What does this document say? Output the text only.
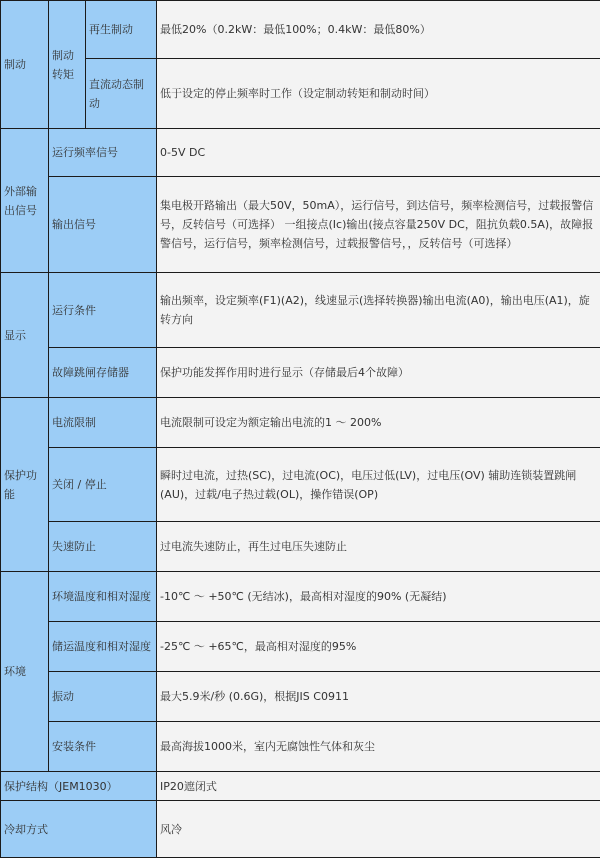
制动	制动转矩	再生制动	最低20%（0.2kW：最低100%；0.4kW：最低80%）
		直流动态制动	低于设定的停止频率时工作（设定制动转矩和制动时间）
外部输出信号	运行频率信号		0-5V DC
	输出信号		集电极开路输出（最大50V，50mA），运行信号，到达信号，频率检测信号，过载报警信号，反转信号（可选择） 一组接点(Ic)输出(接点容量250V DC，阻抗负载0.5A)，故障报警信号，运行信号，频率检测信号，过载报警信号，，反转信号（可选择）
显示	运行条件		输出频率，设定频率(F1)(A2)，线速显示(选择转换器)输出电流(A0)，输出电压(A1)，旋转方向
	故障跳闸存储器		保护功能发挥作用时进行显示（存储最后4个故障）
保护功能	电流限制		电流限制可设定为额定输出电流的1 ～ 200%
	关闭 / 停止		瞬时过电流，过热(SC)，过电流(OC)，电压过低(LV)，过电压(OV) 辅助连锁装置跳闸(AU)，过载/电子热过载(OL)，操作错误(OP)
	失速防止		过电流失速防止，再生过电压失速防止
环境	环境温度和相对湿度		-10℃ ～ +50℃ (无结冰)，最高相对湿度的90% (无凝结)
	储运温度和相对湿度		-25℃ ～ +65℃，最高相对湿度的95%
	振动		最大5.9米/秒 (0.6G)，根据JIS C0911
	安装条件		最高海拔1000米，室内无腐蚀性气体和灰尘
保护结构（JEM1030）			IP20遮闭式
冷却方式			风冷
